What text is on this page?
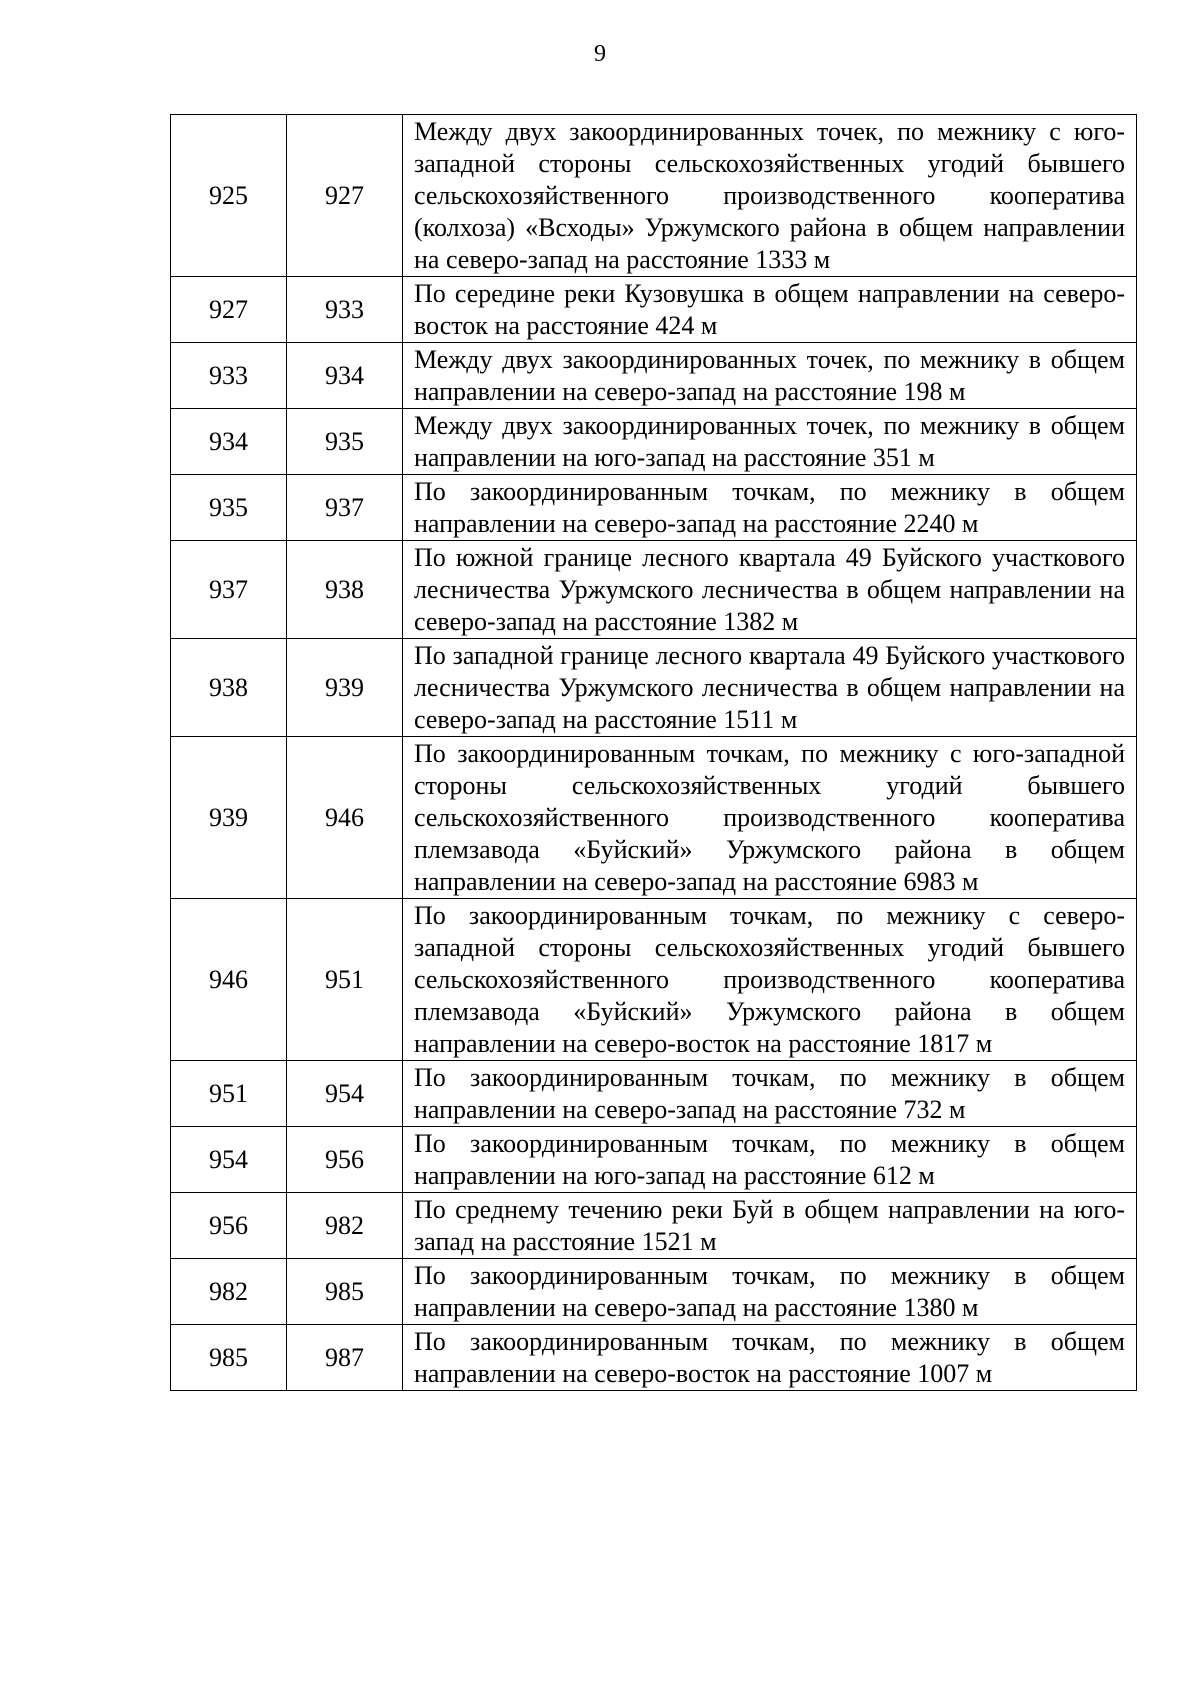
9
925	927	Между двух закоординированных точек, по межнику с юго-западной стороны сельскохозяйственных угодий бывшего сельскохозяйственного производственного кооператива (колхоза) «Всходы» Уржумского района в общем направлении на северо-запад на расстояние 1333 м
927	933	По середине реки Кузовушка в общем направлении на северо-восток на расстояние 424 м
933	934	Между двух закоординированных точек, по межнику в общем направлении на северо-запад на расстояние 198 м
934	935	Между двух закоординированных точек, по межнику в общем направлении на юго-запад на расстояние 351 м
935	937	По закоординированным точкам, по межнику в общем направлении на северо-запад на расстояние 2240 м
937	938	По южной границе лесного квартала 49 Буйского участкового лесничества Уржумского лесничества в общем направлении на северо-запад на расстояние 1382 м
938	939	По западной границе лесного квартала 49 Буйского участкового лесничества Уржумского лесничества в общем направлении на северо-запад на расстояние 1511 м
939	946	По закоординированным точкам, по межнику с юго-западной стороны сельскохозяйственных угодий бывшего сельскохозяйственного производственного кооператива племзавода «Буйский» Уржумского района в общем направлении на северо-запад на расстояние 6983 м
946	951	По закоординированным точкам, по межнику с северо-западной стороны сельскохозяйственных угодий бывшего сельскохозяйственного производственного кооператива племзавода «Буйский» Уржумского района в общем направлении на северо-восток на расстояние 1817 м
951	954	По закоординированным точкам, по межнику в общем направлении на северо-запад на расстояние 732 м
954	956	По закоординированным точкам, по межнику в общем направлении на юго-запад на расстояние 612 м
956	982	По среднему течению реки Буй в общем направлении на юго-запад на расстояние 1521 м
982	985	По закоординированным точкам, по межнику в общем направлении на северо-запад на расстояние 1380 м
985	987	По закоординированным точкам, по межнику в общем направлении на северо-восток на расстояние 1007 м
